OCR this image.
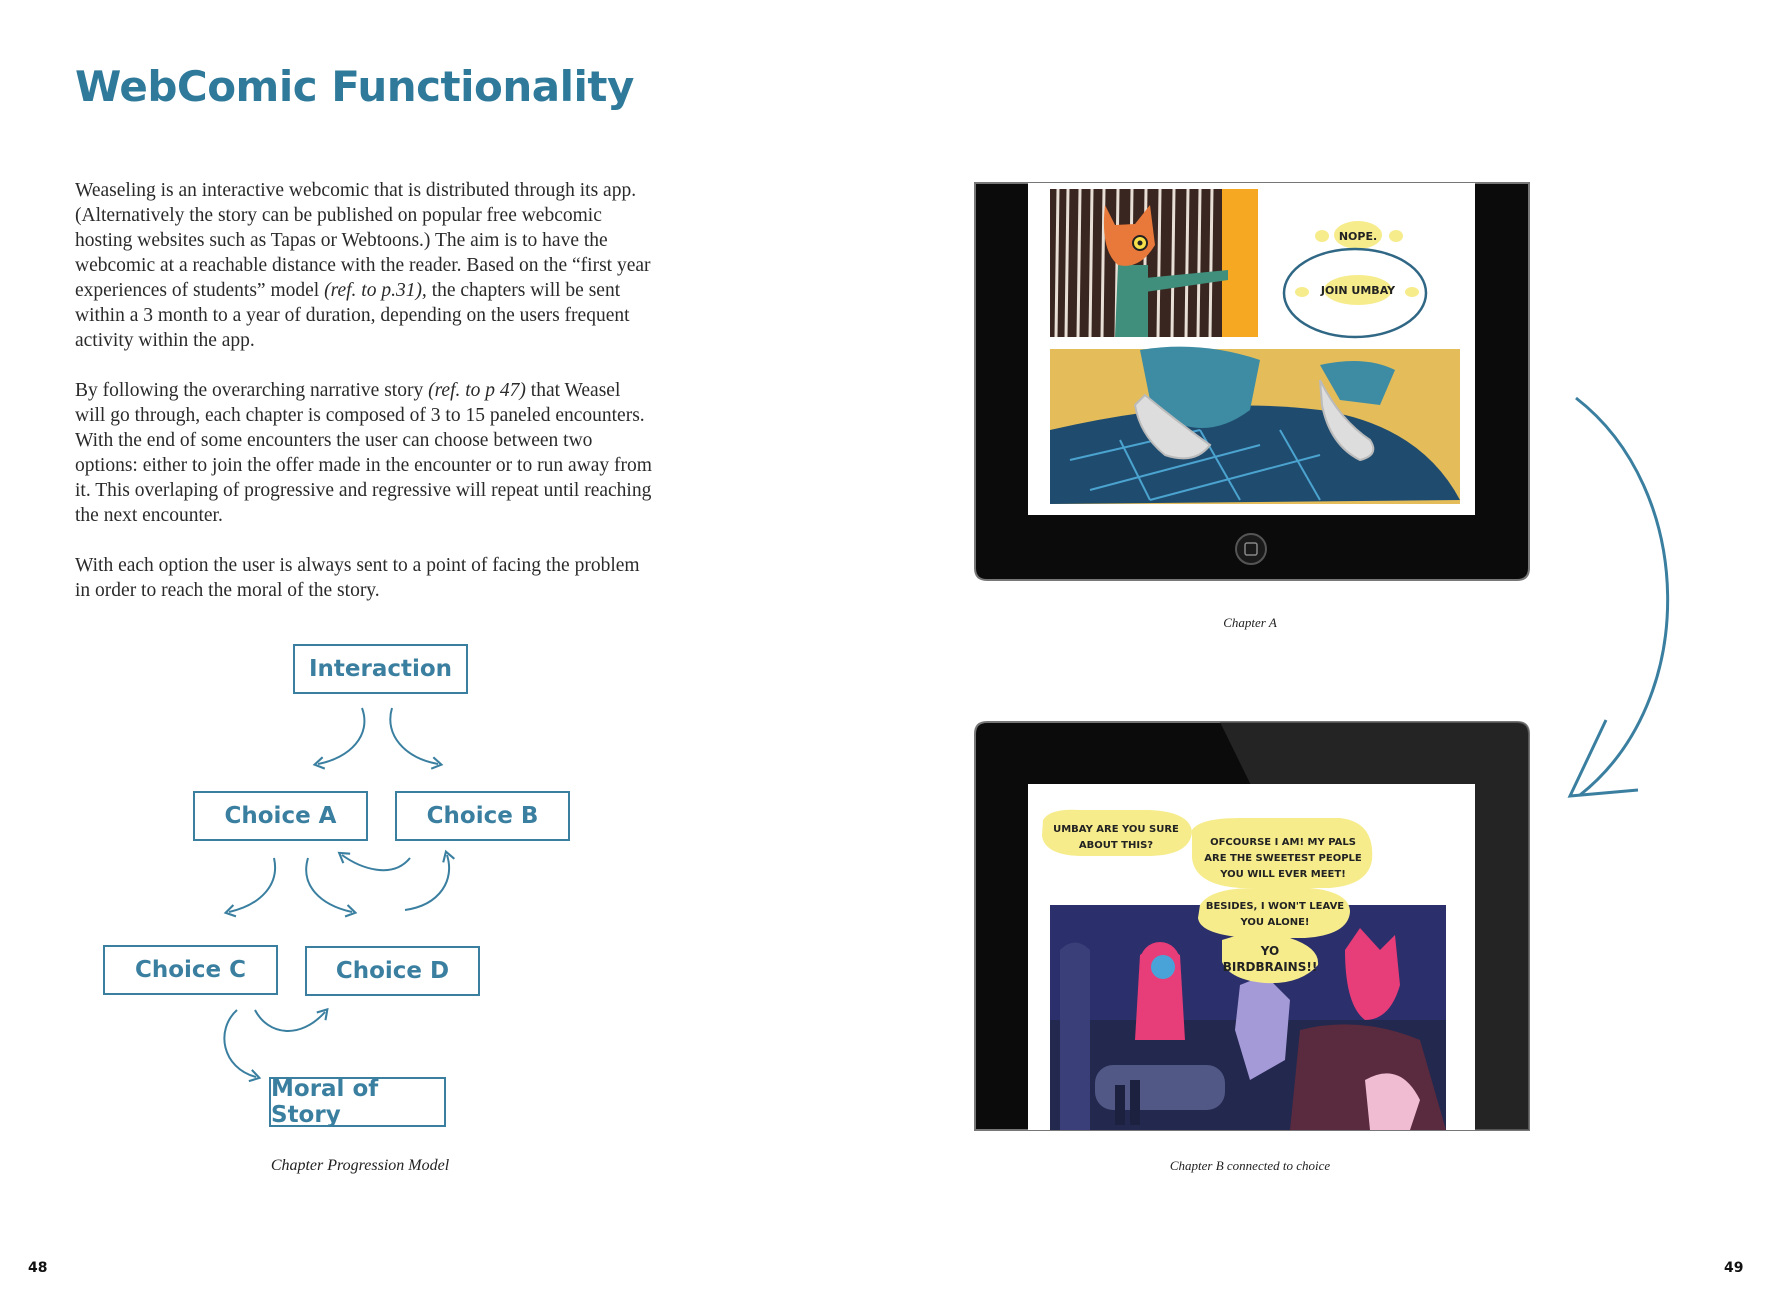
WebComic Functionality

Weaseling is an interactive webcomic that is distributed through its app. (Alternatively the story can be published on popular free webcomic hosting websites such as Tapas or Webtoons.) The aim is to have the webcomic at a reachable distance with the reader. Based on the “first year experiences of students” model (ref. to p.31), the chapters will be sent within a 3 month to a year of duration, depending on the users frequent activity within the app.

By following the overarching narrative story (ref. to p 47) that Weasel will go through, each chapter is composed of 3 to 15 paneled encounters. With the end of some encounters the user can choose between two options: either to join the offer made in the encounter or to run away from it. This overlaping of progressive and regressive will repeat until reaching the next encounter.

With each option the user is always sent to a point of facing the problem in order to reach the moral of the story.

NOPE.
JOIN UMBAY
UMBAY ARE YOU SURE
ABOUT THIS?	OFCOURSE I AM! MY PALS
ARE THE SWEETEST PEOPLE
YOU WILL EVER MEET!
BESIDES, I WON'T LEAVE
YOU ALONE!
YO
BIRDBRAINS!!
Interaction
Choice A	Choice B
Choice C	Choice D
Moral of Story
Chapter Progression Model
Chapter A
Chapter B connected to choice
48	49
